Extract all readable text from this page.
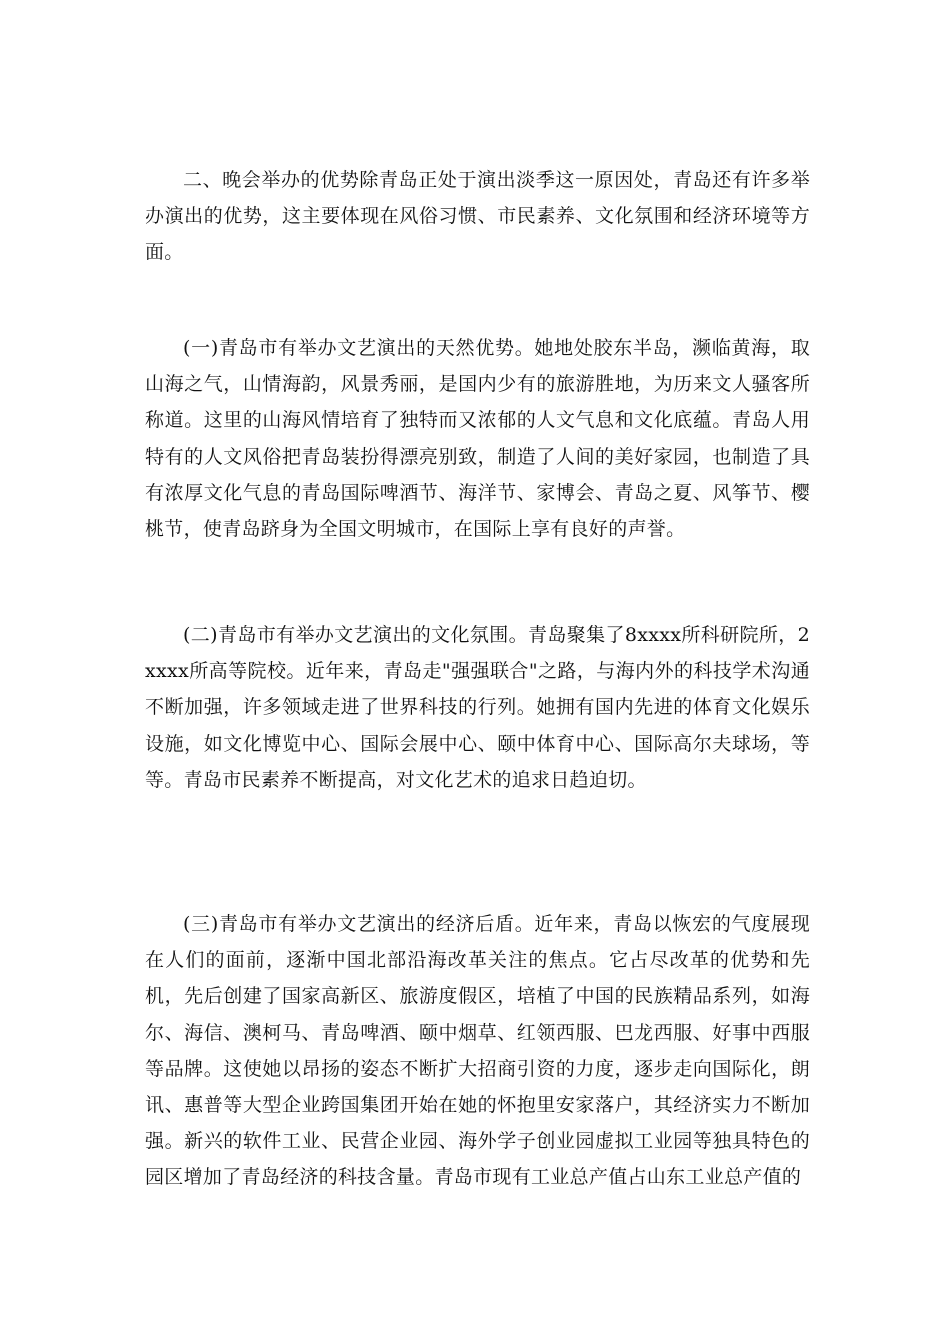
二、晚会举办的优势除青岛正处于演出淡季这一原因处，青岛还有许多举办演出的优势，这主要体现在风俗习惯、市民素养、文化氛围和经济环境等方面。

(一)青岛市有举办文艺演出的天然优势。她地处胶东半岛，濒临黄海，取山海之气，山情海韵，风景秀丽，是国内少有的旅游胜地，为历来文人骚客所称道。这里的山海风情培育了独特而又浓郁的人文气息和文化底蕴。青岛人用特有的人文风俗把青岛装扮得漂亮别致，制造了人间的美好家园，也制造了具有浓厚文化气息的青岛国际啤酒节、海洋节、家博会、青岛之夏、风筝节、樱桃节，使青岛跻身为全国文明城市，在国际上享有良好的声誉。

(二)青岛市有举办文艺演出的文化氛围。青岛聚集了8xxxx所科研院所，2xxxx所高等院校。近年来，青岛走"强强联合"之路，与海内外的科技学术沟通不断加强，许多领域走进了世界科技的行列。她拥有国内先进的体育文化娱乐设施，如文化博览中心、国际会展中心、颐中体育中心、国际高尔夫球场，等等。青岛市民素养不断提高，对文化艺术的追求日趋迫切。

(三)青岛市有举办文艺演出的经济后盾。近年来，青岛以恢宏的气度展现在人们的面前，逐渐中国北部沿海改革关注的焦点。它占尽改革的优势和先机，先后创建了国家高新区、旅游度假区，培植了中国的民族精品系列，如海尔、海信、澳柯马、青岛啤酒、颐中烟草、红领西服、巴龙西服、好事中西服等品牌。这使她以昂扬的姿态不断扩大招商引资的力度，逐步走向国际化，朗讯、惠普等大型企业跨国集团开始在她的怀抱里安家落户，其经济实力不断加强。新兴的软件工业、民营企业园、海外学子创业园虚拟工业园等独具特色的园区增加了青岛经济的科技含量。青岛市现有工业总产值占山东工业总产值的
